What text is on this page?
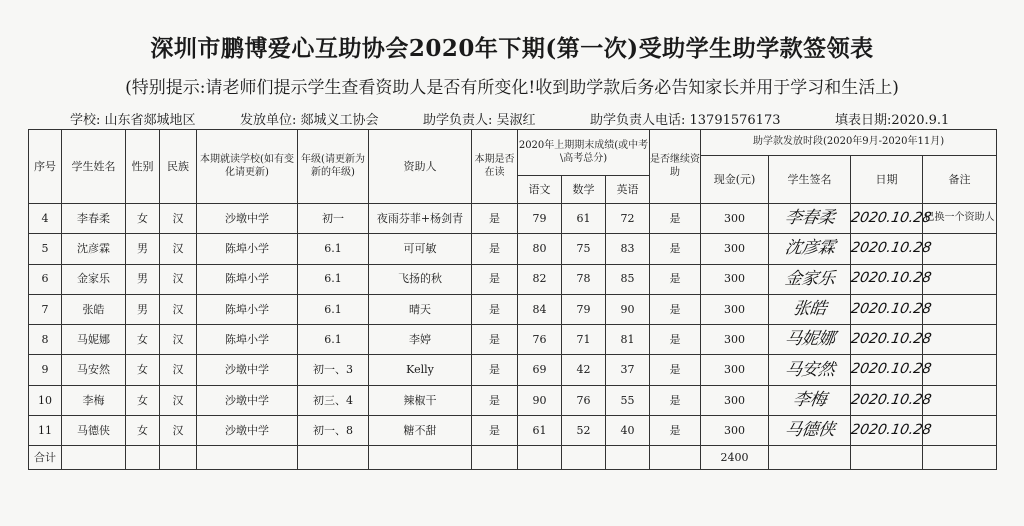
深圳市鹏博爱心互助协会2020年下期(第一次)受助学生助学款签领表
(特别提示:请老师们提示学生查看资助人是否有所变化!收到助学款后务必告知家长并用于学习和生活上)
学校: 山东省郯城地区	发放单位: 郯城义工协会	助学负责人: 吴淑红	助学负责人电话: 13791576173	填表日期:2020.9.1
序号	学生姓名	性别	民族	本期就读学校(如有变化请更新)	年级(请更新为新的年级)	资助人	本期是否在读	2020年上期期末成绩(或中考\高考总分)			是否继续资助	助学款发放时段(2020年9月-2020年11月)			
												现金(元)	学生签名	日期	备注
								语文	数学	英语					
4	李春柔	女	汉	沙墩中学	初一	夜雨芬菲+杨剑青	是	79	61	72	是	300	李春柔	2020.10.28	已换一个资助人
5	沈彦霖	男	汉	陈埠小学	6.1	可可敏	是	80	75	83	是	300	沈彦霖	2020.10.28	
6	金家乐	男	汉	陈埠小学	6.1	飞扬的秋	是	82	78	85	是	300	金家乐	2020.10.28	
7	张皓	男	汉	陈埠小学	6.1	晴天	是	84	79	90	是	300	张皓	2020.10.28	
8	马妮娜	女	汉	陈埠小学	6.1	李婷	是	76	71	81	是	300	马妮娜	2020.10.28	
9	马安然	女	汉	沙墩中学	初一、3	Kelly	是	69	42	37	是	300	马安然	2020.10.28	
10	李梅	女	汉	沙墩中学	初三、4	辣椒干	是	90	76	55	是	300	李梅	2020.10.28	
11	马德侠	女	汉	沙墩中学	初一、8	糖不甜	是	61	52	40	是	300	马德侠	2020.10.28	
合计												2400			
